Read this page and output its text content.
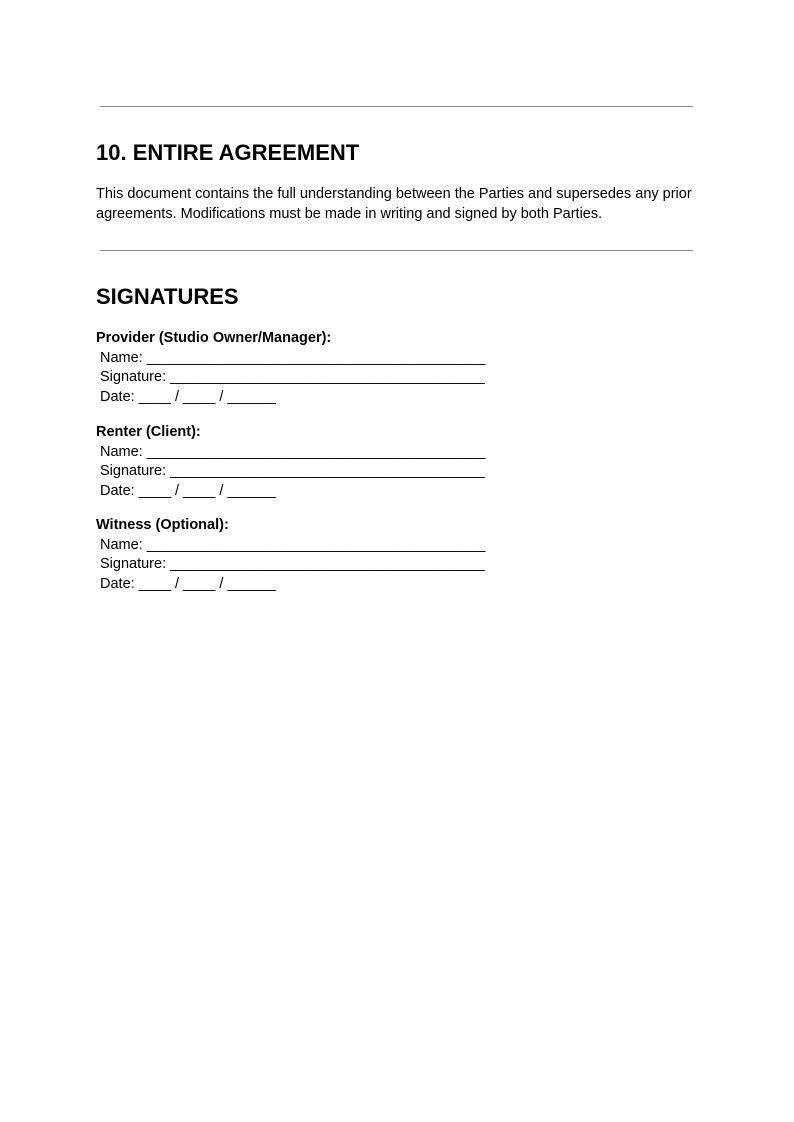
10. ENTIRE AGREEMENT

This document contains the full understanding between the Parties and supersedes any prior agreements. Modifications must be made in writing and signed by both Parties.

SIGNATURES
Provider (Studio Owner/Manager):
Name: __________________________________________
Signature: _______________________________________
Date: ____ / ____ / ______
Renter (Client):
Name: __________________________________________
Signature: _______________________________________
Date: ____ / ____ / ______
Witness (Optional):
Name: __________________________________________
Signature: _______________________________________
Date: ____ / ____ / ______
